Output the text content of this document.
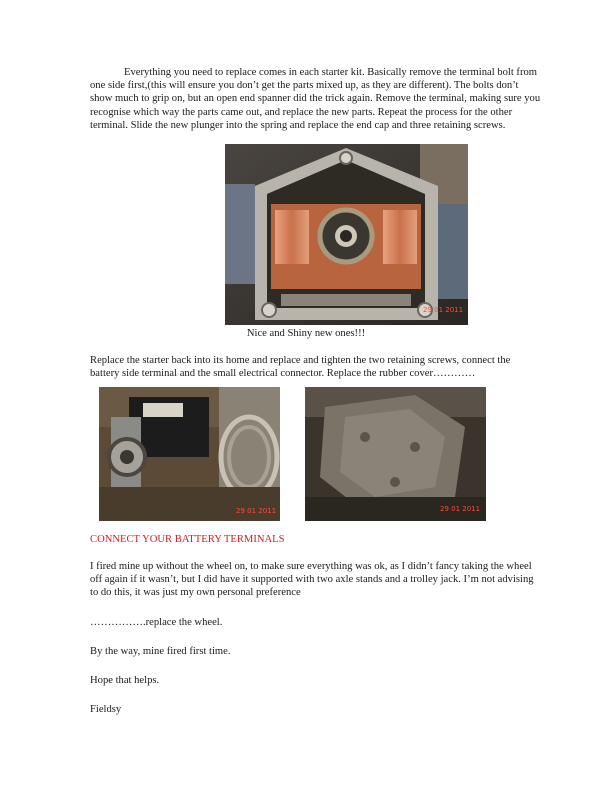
Everything you need to replace comes in each starter kit. Basically remove the terminal bolt from one side first,(this will ensure you don’t get the parts mixed up, as they are different). The bolts don’t show much to grip on, but an open end spanner did the trick again. Remove the terminal, making sure you recognise which way the parts came out, and replace the new parts. Repeat the process for the other terminal. Slide the new plunger into the spring and replace the end cap and three retaining screws.

29 01 2011
Nice and Shiny new ones!!!

Replace the starter back into its home and replace and tighten the two retaining screws, connect the battery side terminal and the small electrical connector. Replace the rubber cover…………

29 01 2011	29 01 2011

CONNECT YOUR BATTERY TERMINALS

I fired mine up without the wheel on, to make sure everything was ok, as I didn’t fancy taking the wheel off again if it wasn’t, but I did have it supported with two axle stands and a trolley jack. I’m not advising to do this, it was just my own personal preference

…………….replace the wheel.

By the way, mine fired first time.

Hope that helps.

Fieldsy
